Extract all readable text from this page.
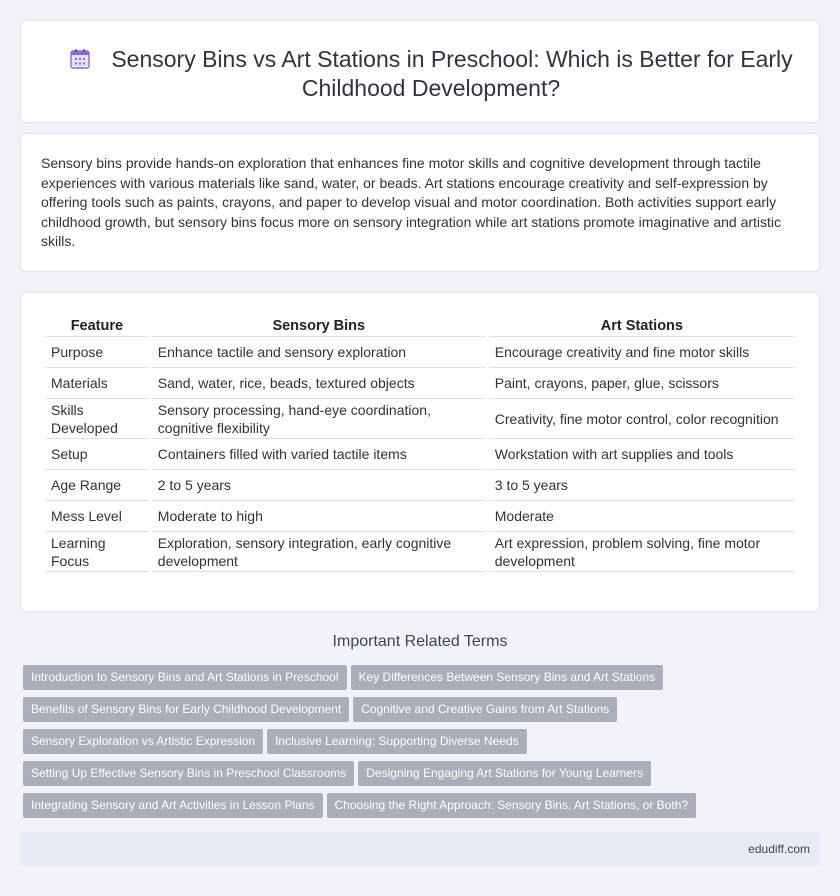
Sensory Bins vs Art Stations in Preschool: Which is Better for Early Childhood Development?

Sensory bins provide hands-on exploration that enhances fine motor skills and cognitive development through tactile experiences with various materials like sand, water, or beads. Art stations encourage creativity and self-expression by offering tools such as paints, crayons, and paper to develop visual and motor coordination. Both activities support early childhood growth, but sensory bins focus more on sensory integration while art stations promote imaginative and artistic skills.

Feature	Sensory Bins	Art Stations
Purpose	Enhance tactile and sensory exploration	Encourage creativity and fine motor skills
Materials	Sand, water, rice, beads, textured objects	Paint, crayons, paper, glue, scissors
Skills Developed	Sensory processing, hand-eye coordination, cognitive flexibility	Creativity, fine motor control, color recognition
Setup	Containers filled with varied tactile items	Workstation with art supplies and tools
Age Range	2 to 5 years	3 to 5 years
Mess Level	Moderate to high	Moderate
Learning Focus	Exploration, sensory integration, early cognitive development	Art expression, problem solving, fine motor development
Important Related Terms
Introduction to Sensory Bins and Art Stations in Preschool Key Differences Between Sensory Bins and Art Stations
Benefits of Sensory Bins for Early Childhood Development Cognitive and Creative Gains from Art Stations
Sensory Exploration vs Artistic Expression Inclusive Learning: Supporting Diverse Needs
Setting Up Effective Sensory Bins in Preschool Classrooms Designing Engaging Art Stations for Young Learners
Integrating Sensory and Art Activities in Lesson Plans Choosing the Right Approach: Sensory Bins, Art Stations, or Both?
edudiff.com
